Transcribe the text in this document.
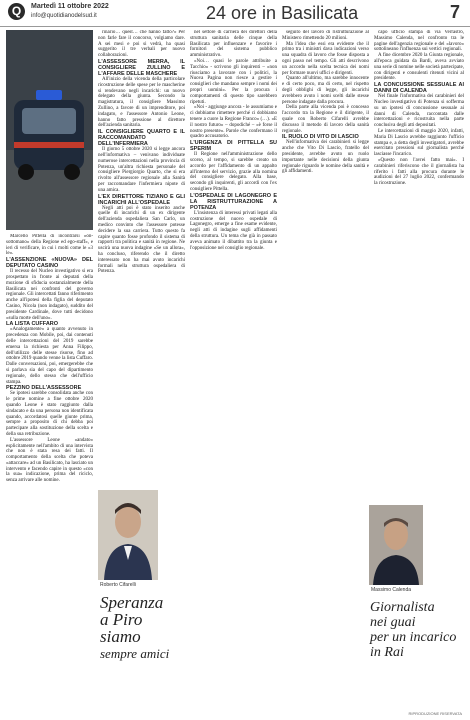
Q	Martedì 11 ottobre 2022
info@quotidianodelsud.it	24 ore in Basilicata	7

Marcello Pittella di incontrarsi «on-sottomano» della Regione ed ego-staff», e ieri di verificare, in cui i molti come le «3 le».

L'ASSENZIONE «NUOVA» DEL DEPUTATO CASINO

Il recesso del Nucleo investigativo si era prospettato in fronte ai deputati della mozione di sfiducia sostanzialmente della Basilicata nei confronti del governo regionale. Gli intercettati fanno riferimento anche all'ipotesi della figlia del deputato Casino, Nicola (non indagato), suddito del presidente Cardinale, dove tutti decidono «sulla morte dell'uno».

LA LISTA CUFFARO

«Analogamente» a quanto avvenuto in precedenza con Mobile, poi, dai contenuti delle intercettazioni del 2019 sarebbe emersa la richiesta per Anna Filippo, dell'utilizzo delle stesse risorse, fino ad ottobre 2019 quando venne la lista Cuffaro. Dalle conversazioni, poi, emergerebbe che si parlava sia del capo del dipartimento regionale, dello stesso che dell'ufficio stampa.

PEZZINO DELL'ASSESSORE

Se ipotesi sarebbe consolidata anche con le prime nomine a fine ottobre 2020 quando Leone è stato raggiunto dalla sindacato e da una persona non identificata quando, accordatosi quelle giunte prima, sempre a proposito di chi debba poi partecipare alla sostituzione della scelta e della sua retribuzione.

L'assessore Leone «andato» esplicitamente nell'ambito di una intervista che non è stata resa dei fatti. Il comportamento della scelta che poteva «attaccare» ad un Basilicato, ha lasciato un intervento e facendo capire in questo «con la sua» indicazione, prima del riciclo, senza arrivare alle nomine.

rinario… quest… che hanno fatto?» Per non farle fare il concorso, volgiamo dare. A sei mesi e poi si vedrà, ha quasi suggerito il tre verbali per nuovo collaborazioni.

L'ASSESSORE MERRA, IL CONSIGLIERE ZULLINO E L'AFFARE DELLE MASCHERE

All'inizio della vicenda della particolare ricostruzione delle spese per le mascherine si rendevano negli incarichi: un nuovo delegato della giunta. Secondo la magistratura, il consigliere Massimo Zullino, a favore di un imprenditore, poi indagato, e l'assessore Antonio Leone, hanno fatto pressione al direttore dell'azienda sanitaria.

IL CONSIGLIERE QUARTO E IL RACCOMANDATO DELL'INFERMIERA

Il giorno 5 ottobre 2020 si legge ancora nell'informativa – venivano individuate numerose intercettazioni nella provincia di Potenza, un'altra richiesta personale del consigliere Piergiorgio Quarto, che si era rivolto all'assessore regionale alla Sanità per raccomandare l'infermiera nipote di una amica.

L'EX DIRETTORE TIZIANO E GLI INCARICHI ALL'OSPEDALE

Negli atti poi è stato inserito anche quelle di incarichi di un ex dirigente dell'azienda ospedaliera San Carlo, un medico convinto che l'assessore potesse decidere la sua carriera. Tutto questo fa capire quanto fosse profondo il sistema di rapporti tra politica e sanità in regione. Ne uscirà una nuova indagine «Se un allora», ha concluso, riferendo che il diretto interessato non ha mai avuto incarichi formali nella struttura ospedaliera di Potenza.

nel settore di carriera dei direttori della struttura sanitaria delle cinque della Basilicata per influenzare e favorire i fornitori del sistema pubblico amministrativo.

«Noi… quasi le parole attribuite a Tacchio» - scrivono gli inquirenti – «non riusciamo a lavorare con i politici, la Nuova Pagina non riesce a gestire i consiglieri che mandano sempre i nomi dei propri uomini». Per la procura i comportamenti di questo tipo sarebbero ripetuti.

«Noi - aggiunge ancora - le assumiamo e ci dobbiamo rimettere perché ci dobbiamo tenere a cuore la Regione Franco» (…). «E il nostro futuro» – dopodiché – «è forse il nostro presente». Parole che confermano il quadro accusatorio.

L'URGENZA DI PITTELLA SU SPERIM

Il Regione nell'amministrazione dello scorso, al tempo, si sarebbe creato un accordo per l'affidamento di un appalto all'interno del servizio, grazie alla nomina del consigliere delegato. Alla base, secondo gli inquirenti, gli accordi con l'ex consigliere Pittella.

L'OSPEDALE DI LAGONEGRO E LA RISTRUTTURAZIONE A POTENZA

L'insistenza di interessi privati legati alla costruzione del nuovo ospedale di Lagonegro, emerge a fine esame evidente, negli atti di indagine sugli affidamenti della struttura. Un tema che già in passato aveva animato il dibattito tra la giunta e l'opposizione nel consiglio regionale.

seguito del lavoro di ristrutturazione al Ministero rimettendo 20 milioni.

Ma l'idea che essi era evidente che il primo tra i ministri dava indicazioni verso una squadra di lavoro che fosse disposta a ogni passo nel tempo. Gli atti descrivono un accordo nella scelta tecnica dei nomi per formare nuovi uffici e dirigenti.

Quanto all'ultimo, ma sarebbe innocente e di certo poco, ma di certo, nel rispetto degli obblighi di legge, gli incarichi avrebbero avuto i nomi scelti dalle stesse persone indagate dalla procura.

Della parte alla vicenda poi è concesso l'accordo tra la Regione e il dirigente, il quale con Roberto Cifarelli avrebbe discusso il metodo di lavoro della sanità regionale.

IL RUOLO DI VITO DI LASCIO

Nell'informativa dei carabinieri si legge anche che Vito Di Lascio, fratello del presidente, avrebbe avuto un ruolo importante nelle decisioni della giunta regionale riguardo le nomine della sanità e gli affidamenti.

capo ufficio stampa di via Verrastro, Massimo Calenda, nel confronto tra le pagine dell'agenzia regionale e del «lavoro» sottolineano l'influenza sui vertici regionali.

A fine dicembre 2020 la Giunta regionale, all'epoca guidata da Bardi, aveva avviato una serie di nomine nelle società partecipate, con dirigenti e consulenti ritenuti vicini al presidente.

LA CONCUSSIONE SESSUALE AI DANNI DI CALENDA

Nel finale l'informativa dei carabinieri del Nucleo investigativo di Potenza si sofferma su un ipotesi di concussione sessuale ai danni di Calenda, raccontata dalle intercettazioni e ricostruita nella parte conclusiva degli atti depositati.

Le intercettazioni di maggio 2020, infatti, Maria Di Lascio avrebbe raggiunto l'ufficio stampa e, a detta degli investigatori, avrebbe esercitato pressioni sul giornalista perché lasciasse l'incarico.

«Questo non l'avrei fatto mai». I carabinieri riferiscono che il giornalista ha riferito i fatti alla procura durante le audizioni del 27 luglio 2022, confermando la ricostruzione.

Roberto Cifarelli
Speranza
a Piro
siamo
sempre amici
Massimo Calenda
Giornalista
nei guai
per un incarico
in Rai
RIPRODUZIONE RISERVATA
